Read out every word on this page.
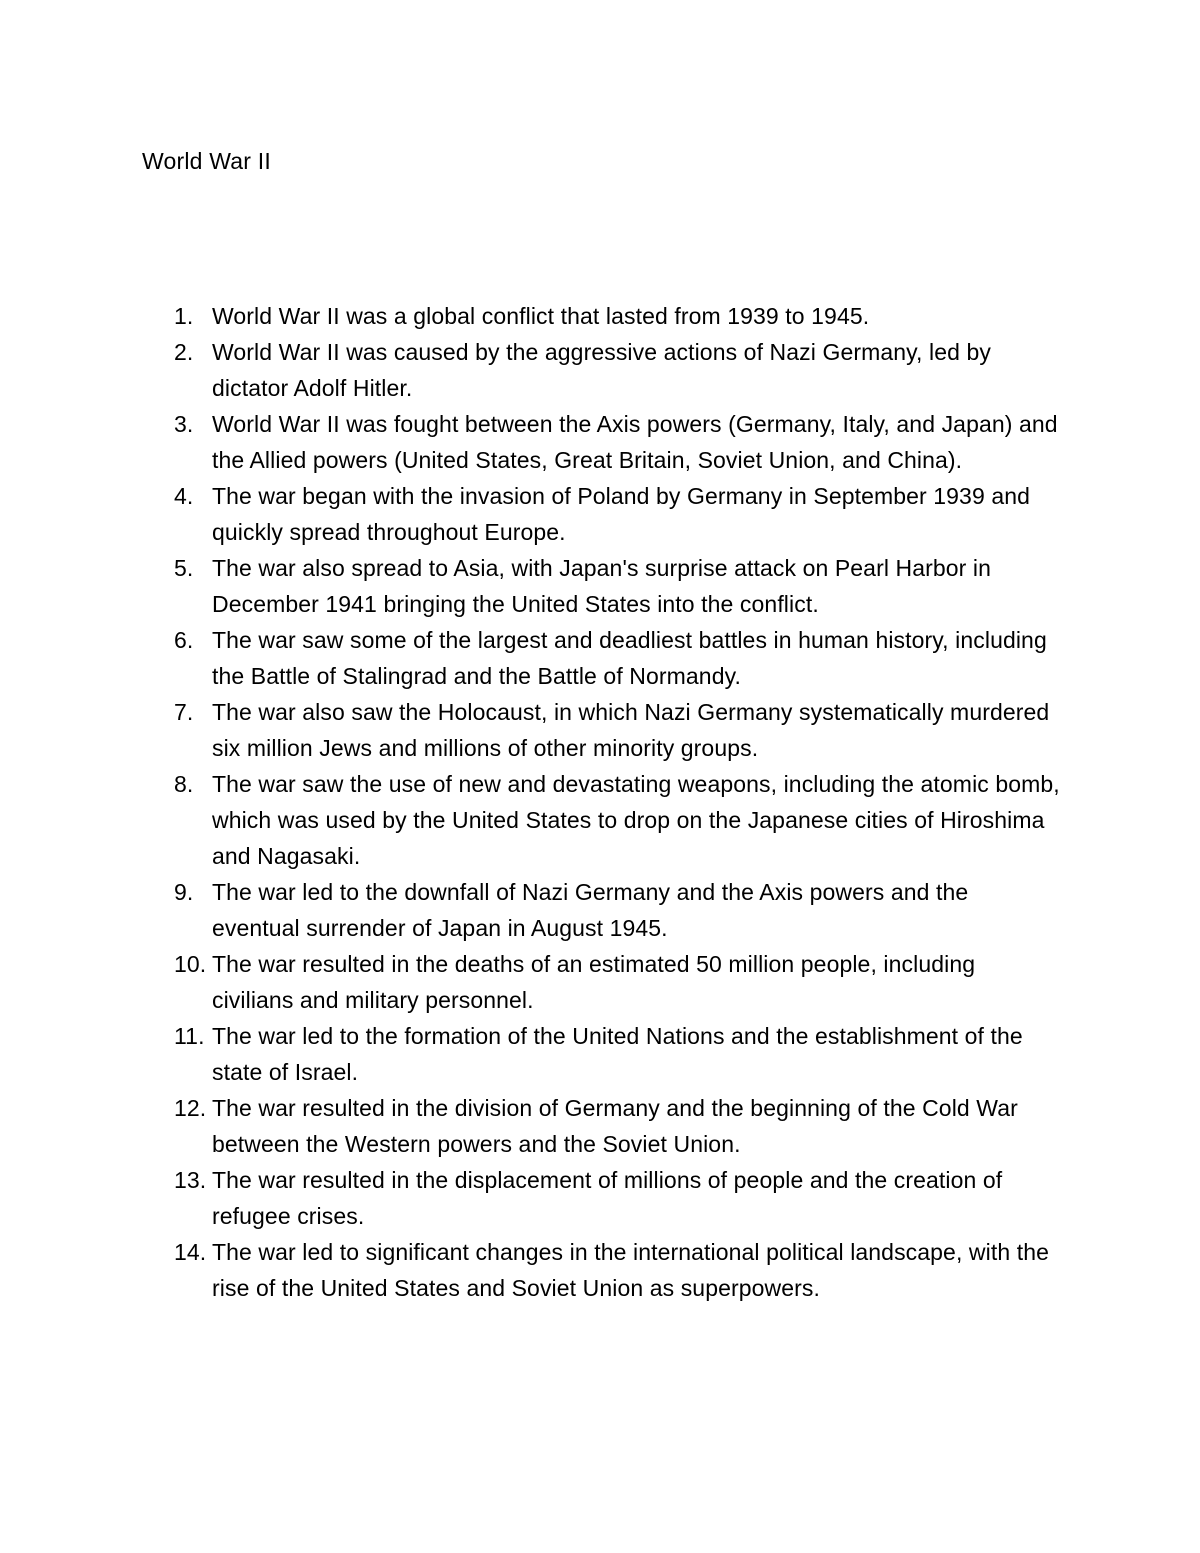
World War II
1. World War II was a global conflict that lasted from 1939 to 1945.
2. World War II was caused by the aggressive actions of Nazi Germany, led by dictator Adolf Hitler.
3. World War II was fought between the Axis powers (Germany, Italy, and Japan) and the Allied powers (United States, Great Britain, Soviet Union, and China).
4. The war began with the invasion of Poland by Germany in September 1939 and quickly spread throughout Europe.
5. The war also spread to Asia, with Japan's surprise attack on Pearl Harbor in December 1941 bringing the United States into the conflict.
6. The war saw some of the largest and deadliest battles in human history, including the Battle of Stalingrad and the Battle of Normandy.
7. The war also saw the Holocaust, in which Nazi Germany systematically murdered six million Jews and millions of other minority groups.
8. The war saw the use of new and devastating weapons, including the atomic bomb, which was used by the United States to drop on the Japanese cities of Hiroshima and Nagasaki.
9. The war led to the downfall of Nazi Germany and the Axis powers and the eventual surrender of Japan in August 1945.
10. The war resulted in the deaths of an estimated 50 million people, including civilians and military personnel.
11. The war led to the formation of the United Nations and the establishment of the state of Israel.
12. The war resulted in the division of Germany and the beginning of the Cold War between the Western powers and the Soviet Union.
13. The war resulted in the displacement of millions of people and the creation of refugee crises.
14. The war led to significant changes in the international political landscape, with the rise of the United States and Soviet Union as superpowers.
